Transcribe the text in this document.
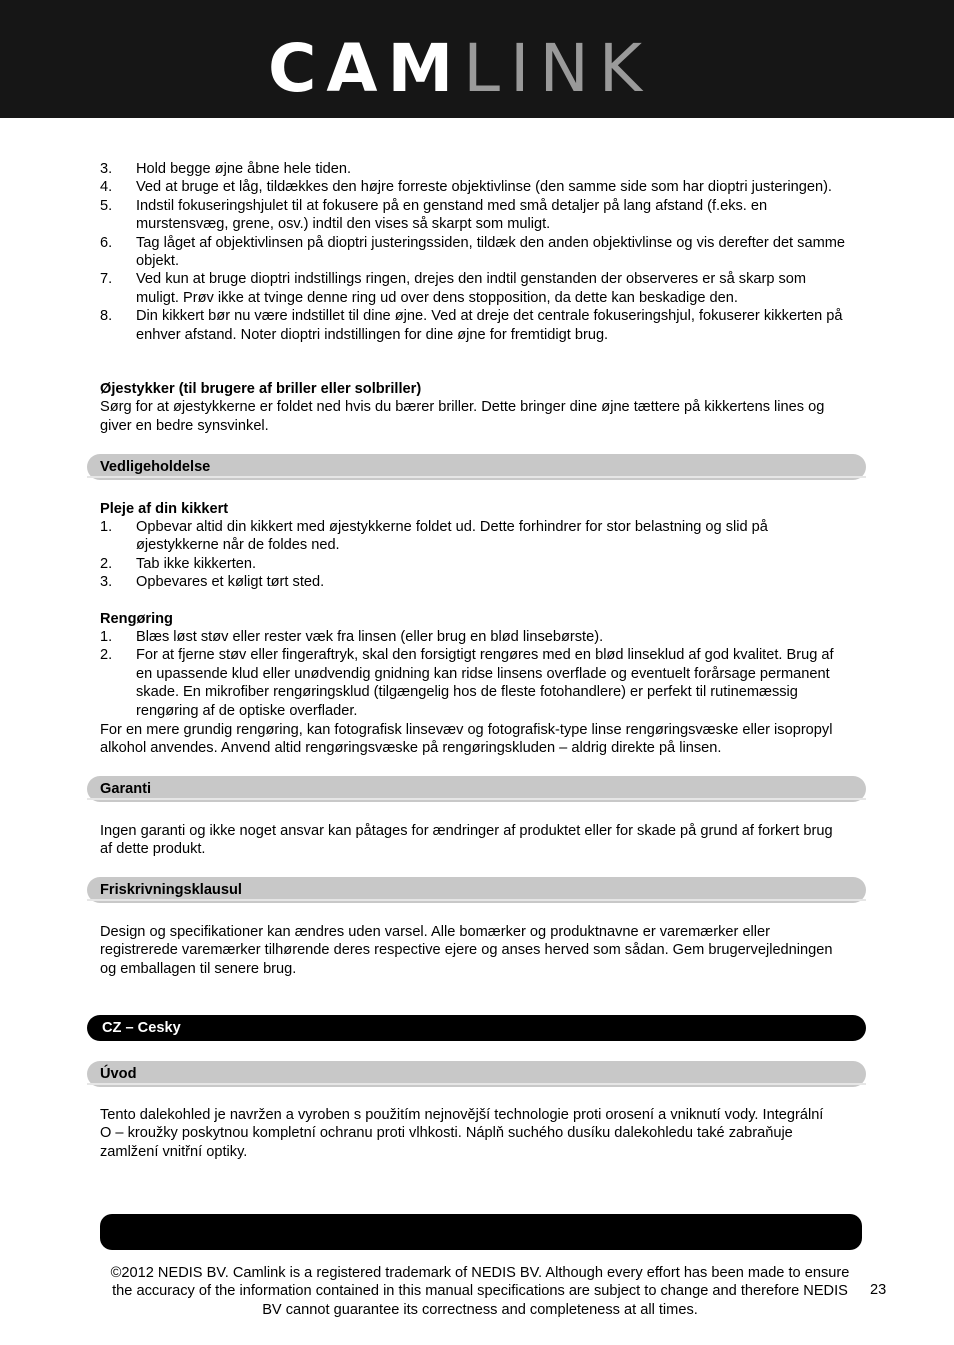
CAMLINK
3.	Hold begge øjne åbne hele tiden.
4.	Ved at bruge et låg, tildækkes den højre forreste objektivlinse (den samme side som har dioptri justeringen).
5.	Indstil fokuseringshjulet til at fokusere på en genstand med små detaljer på lang afstand (f.eks. en murstensvæg, grene, osv.) indtil den vises så skarpt som muligt.
6.	Tag låget af objektivlinsen på dioptri justeringssiden, tildæk den anden objektivlinse og vis derefter det samme objekt.
7.	Ved kun at bruge dioptri indstillings ringen, drejes den indtil genstanden der observeres er så skarp som muligt. Prøv ikke at tvinge denne ring ud over dens stopposition, da dette kan beskadige den.
8.	Din kikkert bør nu være indstillet til dine øjne. Ved at dreje det centrale fokuseringshjul, fokuserer kikkerten på enhver afstand. Noter dioptri indstillingen for dine øjne for fremtidigt brug.

Øjestykker (til brugere af briller eller solbriller)

Sørg for at øjestykkerne er foldet ned hvis du bærer briller. Dette bringer dine øjne tættere på kikkertens lines og giver en bedre synsvinkel.

Vedligeholdelse

Pleje af din kikkert

1.	Opbevar altid din kikkert med øjestykkerne foldet ud. Dette forhindrer for stor belastning og slid på øjestykkerne når de foldes ned.
2.	Tab ikke kikkerten.
3.	Opbevares et køligt tørt sted.

Rengøring

1.	Blæs løst støv eller rester væk fra linsen (eller brug en blød linsebørste).
2.	For at fjerne støv eller fingeraftryk, skal den forsigtigt rengøres med en blød linseklud af god kvalitet. Brug af en upassende klud eller unødvendig gnidning kan ridse linsens overflade og eventuelt forårsage permanent skade. En mikrofiber rengøringsklud (tilgængelig hos de fleste fotohandlere) er perfekt til rutinemæssig rengøring af de optiske overflader.

For en mere grundig rengøring, kan fotografisk linsevæv og fotografisk-type linse rengøringsvæske eller isopropyl alkohol anvendes. Anvend altid rengøringsvæske på rengøringskluden – aldrig direkte på linsen.

Garanti

Ingen garanti og ikke noget ansvar kan påtages for ændringer af produktet eller for skade på grund af forkert brug af dette produkt.

Friskrivningsklausul

Design og specifikationer kan ændres uden varsel. Alle bomærker og produktnavne er varemærker eller registrerede varemærker tilhørende deres respective ejere og anses herved som sådan. Gem brugervejledningen og emballagen til senere brug.

CZ – Cesky
Úvod

Tento dalekohled je navržen a vyroben s použitím nejnovější technologie proti orosení a vniknutí vody. Integrální O – kroužky poskytnou kompletní ochranu proti vlhkosti. Náplň suchého dusíku dalekohledu také zabraňuje zamlžení vnitřní optiky.

©2012 NEDIS BV. Camlink is a registered trademark of NEDIS BV. Although every effort has been made to ensure the accuracy of the information contained in this manual specifications are subject to change and therefore NEDIS BV cannot guarantee its correctness and completeness at all times.
23
